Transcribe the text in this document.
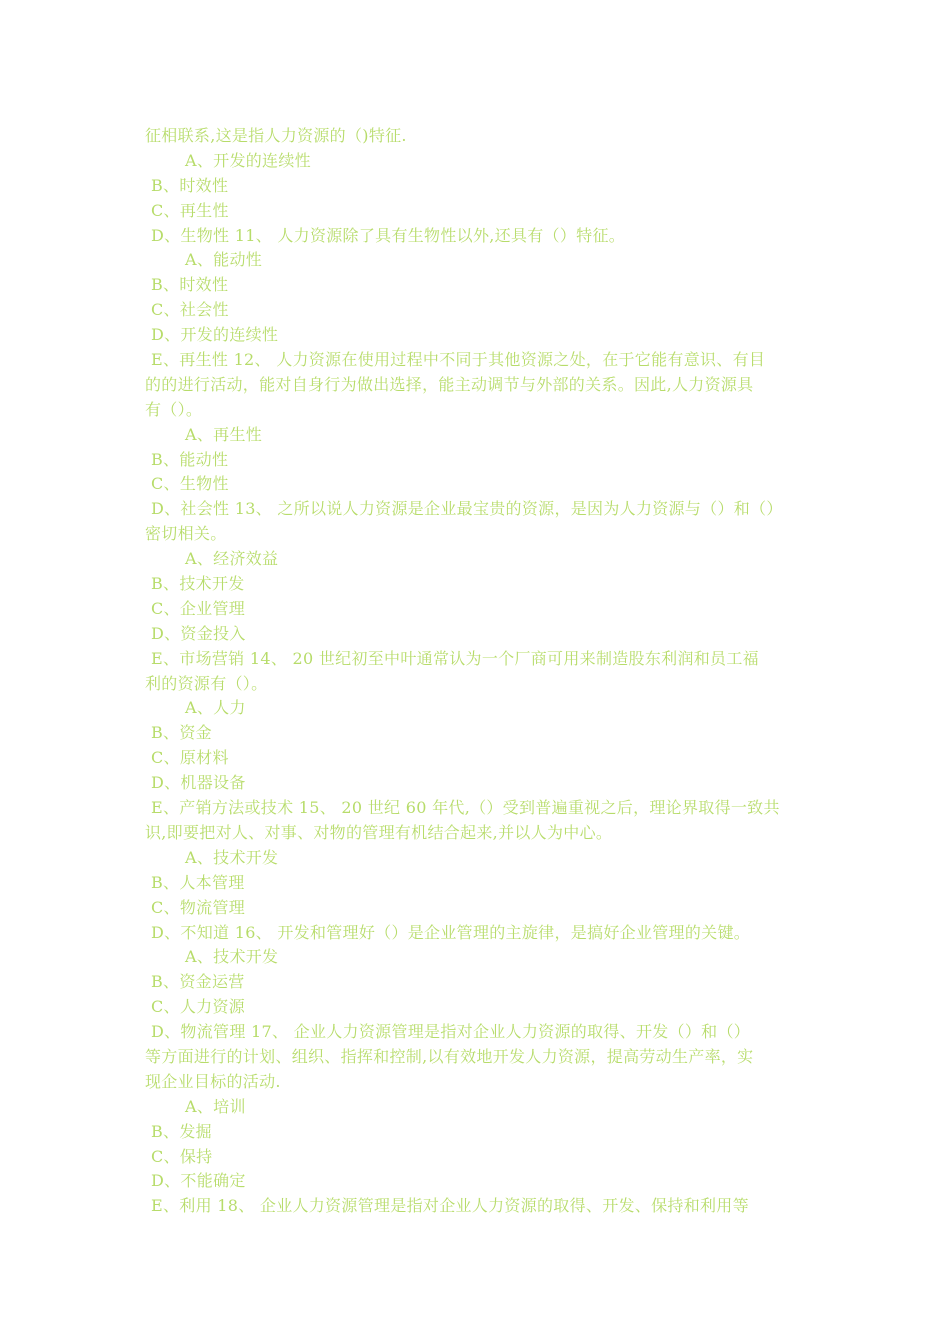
征相联系,这是指人力资源的（)特征.
A、开发的连续性
B、时效性
C、再生性
D、生物性 11、 人力资源除了具有生物性以外,还具有（）特征。
A、能动性
B、时效性
C、社会性
D、开发的连续性
E、再生性 12、 人力资源在使用过程中不同于其他资源之处，在于它能有意识、有目
的的进行活动，能对自身行为做出选择，能主动调节与外部的关系。因此,人力资源具
有（）。
A、再生性
B、能动性
C、生物性
D、社会性 13、 之所以说人力资源是企业最宝贵的资源，是因为人力资源与（）和（）
密切相关。
A、经济效益
B、技术开发
C、企业管理
D、资金投入
E、市场营销 14、 20 世纪初至中叶通常认为一个厂商可用来制造股东利润和员工福
利的资源有（）。
A、人力
B、资金
C、原材料
D、机器设备
E、产销方法或技术 15、 20 世纪 60 年代,（）受到普遍重视之后，理论界取得一致共
识,即要把对人、对事、对物的管理有机结合起来,并以人为中心。
A、技术开发
B、人本管理
C、物流管理
D、不知道 16、 开发和管理好（）是企业管理的主旋律，是搞好企业管理的关键。
A、技术开发
B、资金运营
C、人力资源
D、物流管理 17、 企业人力资源管理是指对企业人力资源的取得、开发（）和（）
等方面进行的计划、组织、指挥和控制,以有效地开发人力资源，提高劳动生产率，实
现企业目标的活动.
A、培训
B、发掘
C、保持
D、不能确定
E、利用 18、 企业人力资源管理是指对企业人力资源的取得、开发、保持和利用等
